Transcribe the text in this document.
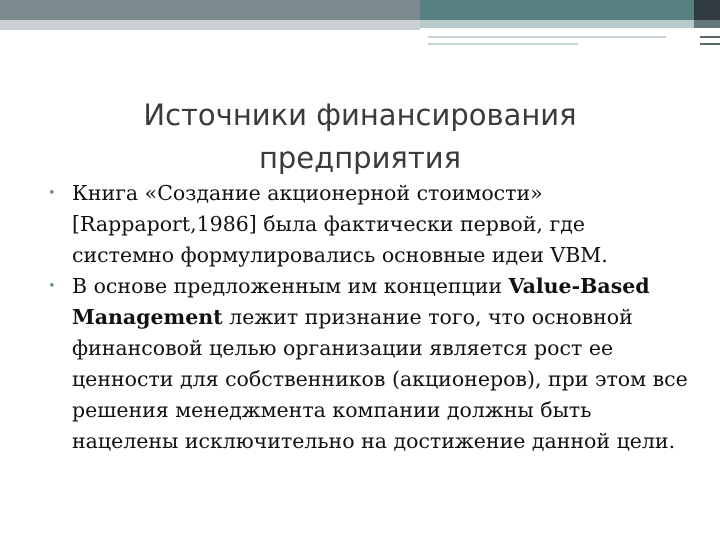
Источники финансирования
предприятия
• Книга «Создание акционерной стоимости» [Rappaport,1986] была фактически первой, где системно формулировались основные идеи VBM.
• В основе предложенным им концепции Value-Based Management лежит признание того, что основной финансовой целью организации является рост ее ценности для собственников (акционеров), при этом все решения менеджмента компании должны быть нацелены исключительно на достижение данной цели.
